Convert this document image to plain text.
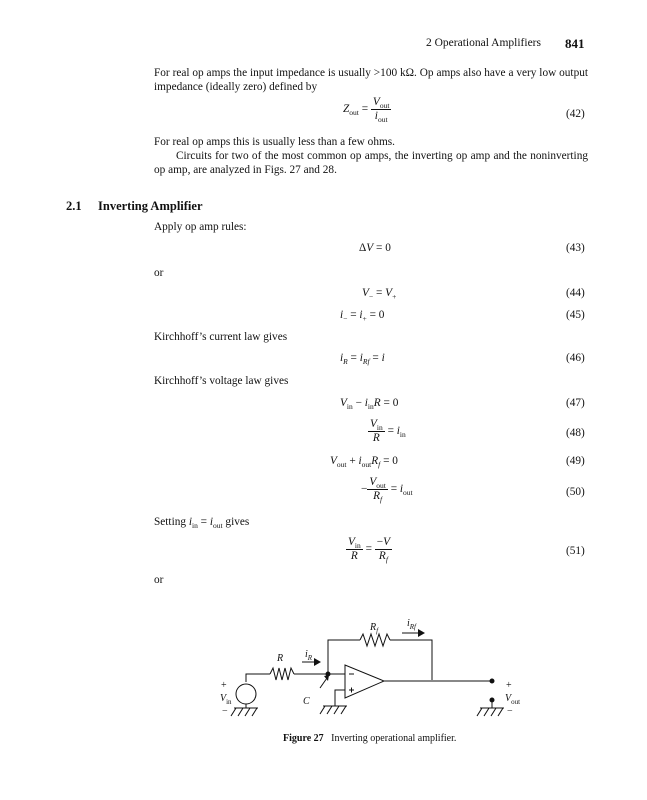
2 Operational Amplifiers 841
For real op amps the input impedance is usually >100 kΩ. Op amps also have a very low output impedance (ideally zero) defined by
$Z_{out} = \frac{V_{out}}{i_{out}}$	(42)
For real op amps this is usually less than a few ohms.
Circuits for two of the most common op amps, the inverting op amp and the noninverting op amp, are analyzed in Figs. 27 and 28.
2.1 Inverting Amplifier
Apply op amp rules:
ΔV = 0	(43)
or
$V_- = V_+$	(44)
$i_- = i_+ = 0$	(45)
Kirchhoff’s current law gives
$i_R = i_{Rf} = i$	(46)
Kirchhoff’s voltage law gives
$V_{in} - i_{in}R = 0$	(47)
$\frac{V_{in}}{R} = i_{in}$	(48)
$V_{out} + i_{out}R_f = 0$	(49)
− $\frac{V_{out}}{R_f} = i_{out}$	(50)
Setting $i_{in} = i_{out}$ gives
$\frac{V_{in}}{R} = \frac{-V}{R_f}$	(51)
or
$R_f$
$i_{Rf}$
R $i_R$
C
+
$V_{in}$
−
+
$V_{out}$
−
Figure 27 Inverting operational amplifier.
